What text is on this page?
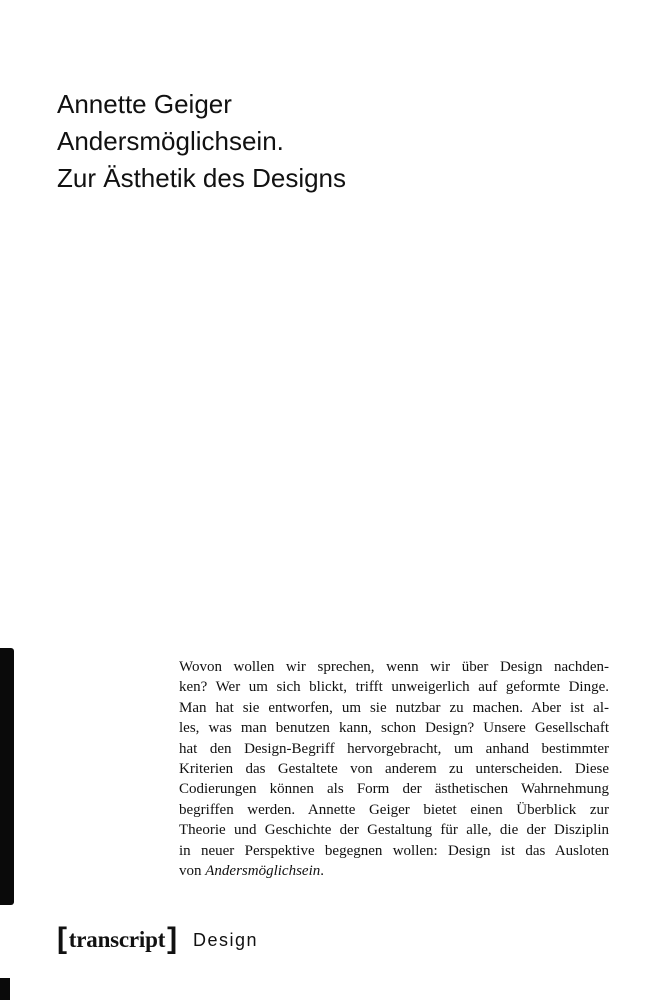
Annette Geiger
Andersmöglichsein.
Zur Ästhetik des Designs
Wovon wollen wir sprechen, wenn wir über Design nachden-
ken? Wer um sich blickt, trifft unweigerlich auf geformte Dinge.
Man hat sie entworfen, um sie nutzbar zu machen. Aber ist al-
les, was man benutzen kann, schon Design? Unsere Gesellschaft
hat den Design-Begriff hervorgebracht, um anhand bestimmter
Kriterien das Gestaltete von anderem zu unterscheiden. Diese
Codierungen können als Form der ästhetischen Wahrnehmung
begriffen werden. Annette Geiger bietet einen Überblick zur
Theorie und Geschichte der Gestaltung für alle, die der Disziplin
in neuer Perspektive begegnen wollen: Design ist das Ausloten
von Andersmöglichsein.
[ transcript ] Design
